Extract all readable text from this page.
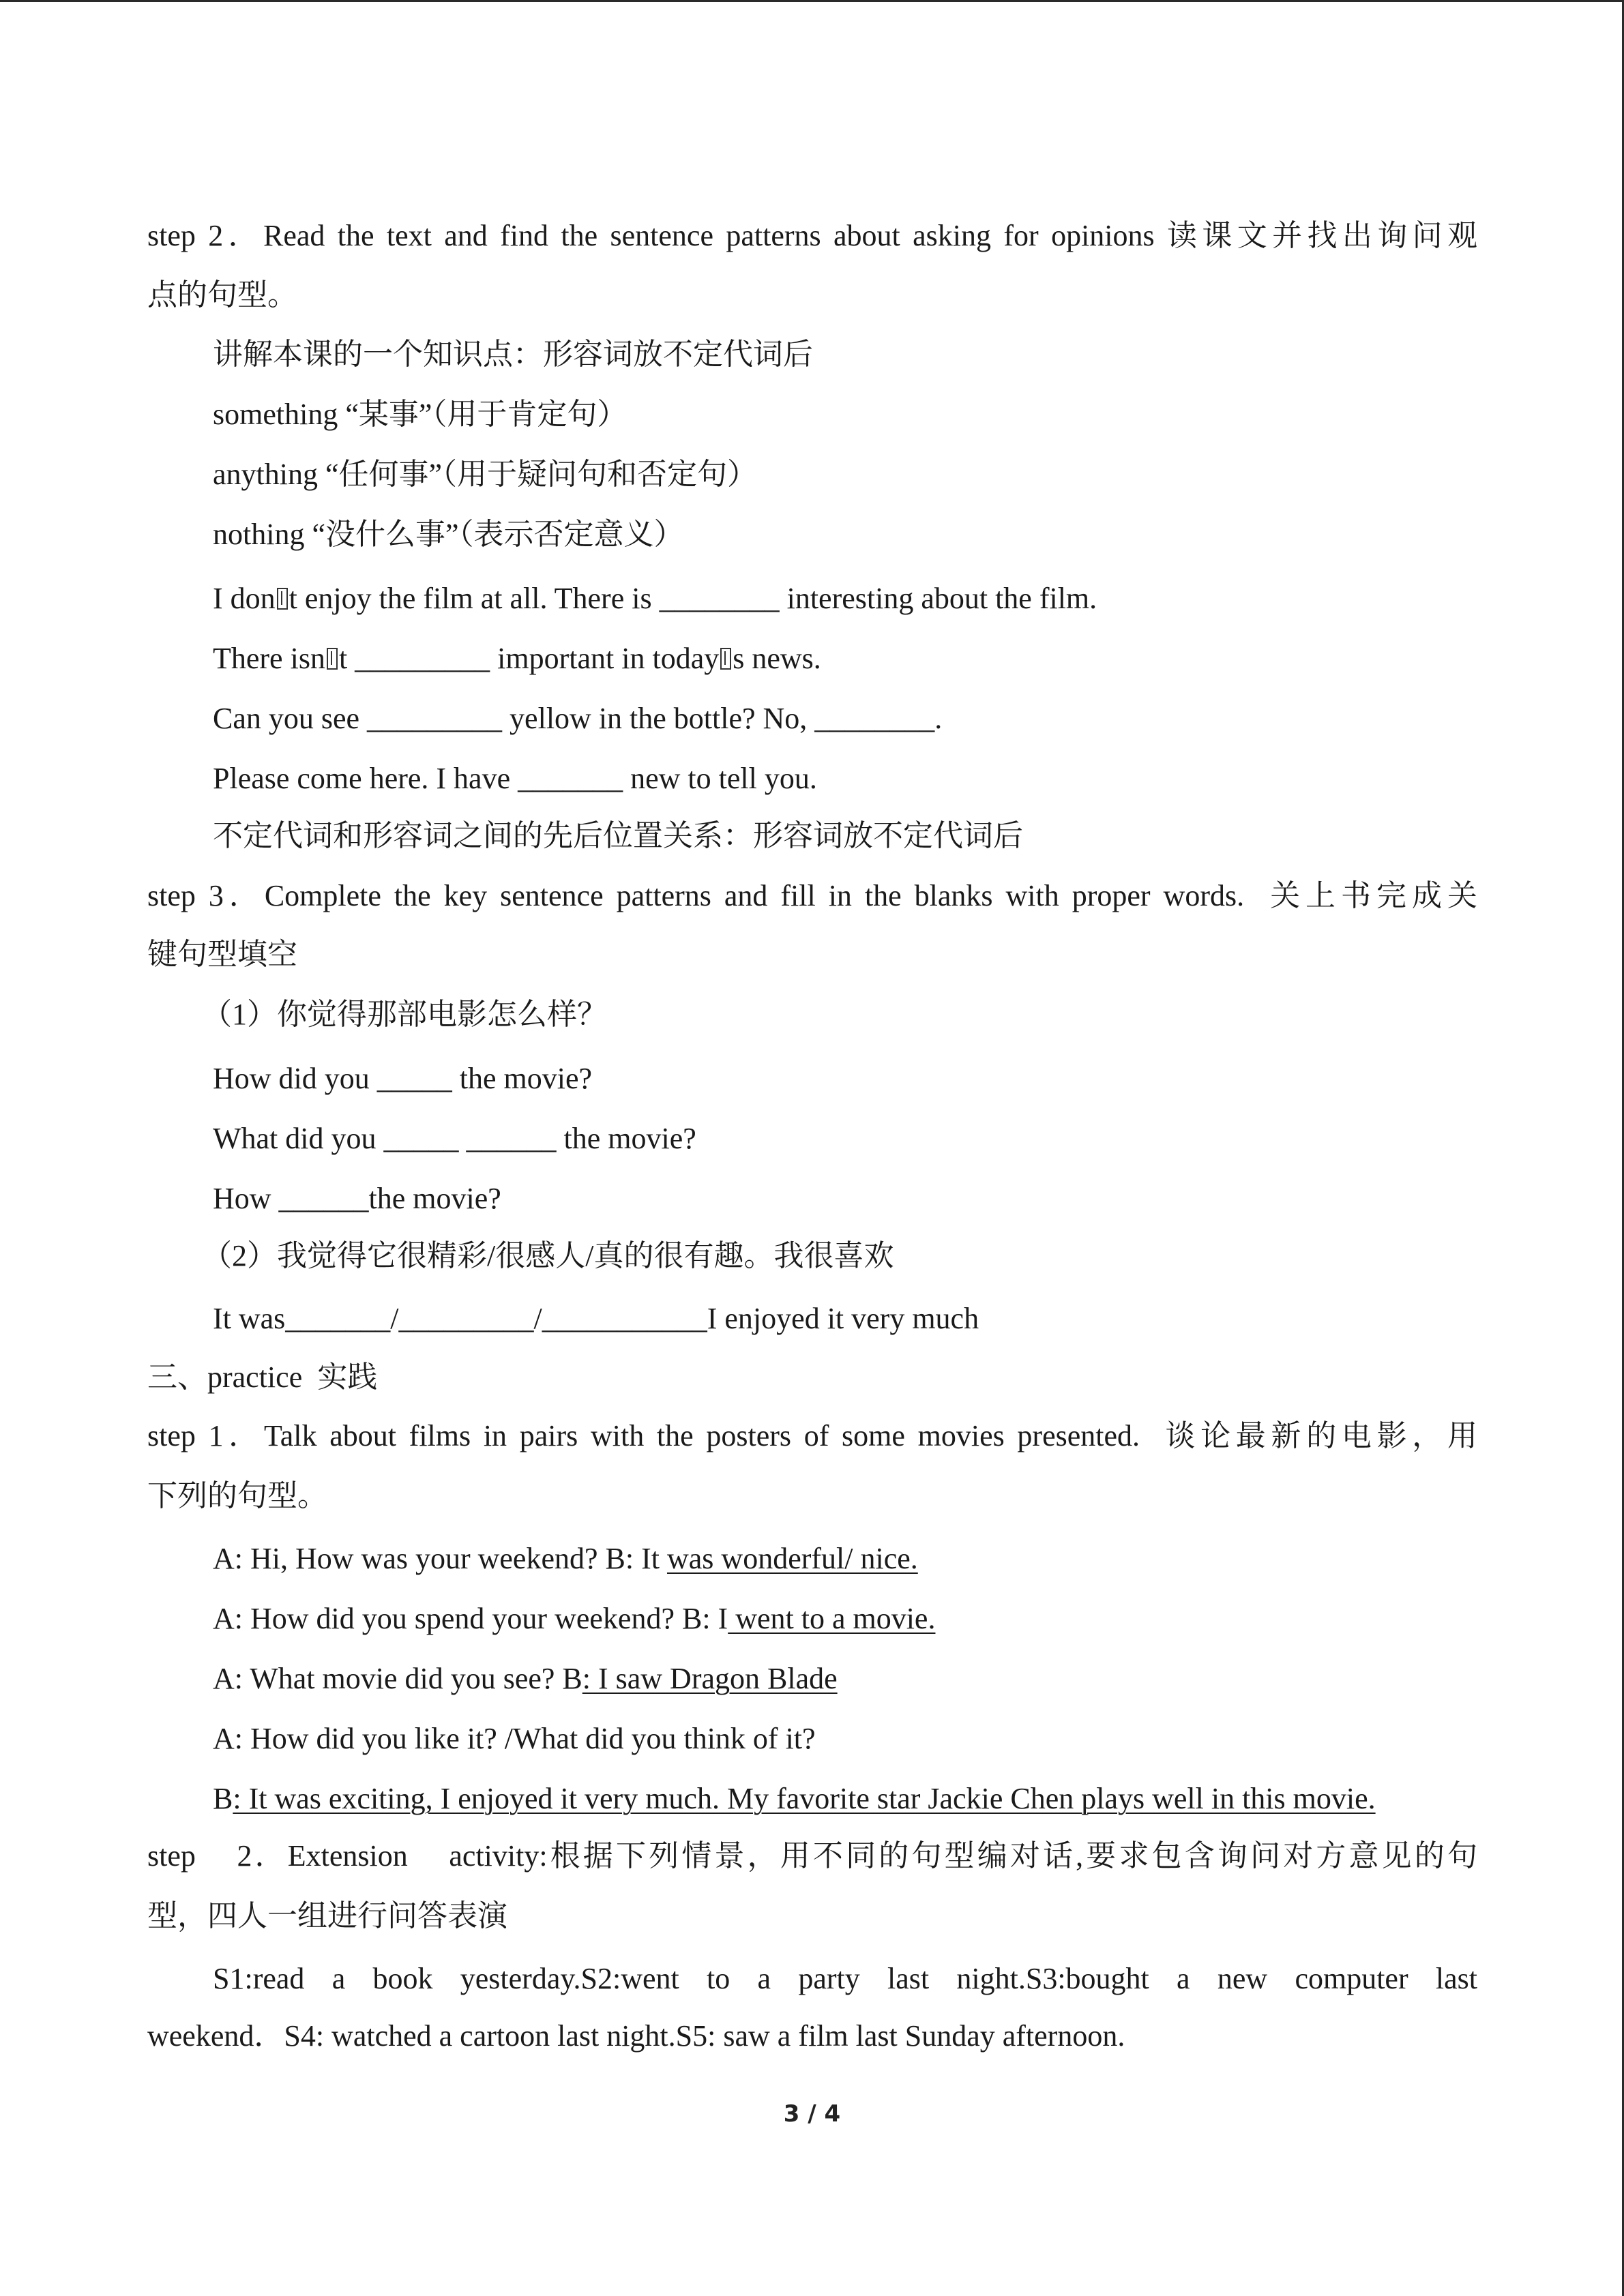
step 2．Read the text and find the sentence patterns about asking for opinions 读课文并找出询问观
点的句型。
讲解本课的一个知识点：形容词放不定代词后
something “某事”（用于肯定句）
anything “任何事”（用于疑问句和否定句）
nothing “没什么事”（表示否定意义）
I don t enjoy the film at all. There is ________ interesting about the film.
There isn t _________ important in today s news.
Can you see _________ yellow in the bottle? No, ________.
Please come here. I have _______ new to tell you.
不定代词和形容词之间的先后位置关系：形容词放不定代词后
step 3．Complete the key sentence patterns and fill in the blanks with proper words.  关上书完成关
键句型填空
（1）你觉得那部电影怎么样？
How did you _____ the movie?
What did you _____ ______ the movie?
How ______the movie?
（2）我觉得它很精彩/很感人/真的很有趣。我很喜欢
It was_______/_________/___________I enjoyed it very much
三、practice  实践
step 1．Talk about films in pairs with the posters of some movies presented.  谈论最新的电影，用
下列的句型。
A: Hi, How was your weekend? B: It was wonderful/ nice.
A: How did you spend your weekend? B: I went to a movie.
A: What movie did you see? B: I saw Dragon Blade
A: How did you like it? /What did you think of it?
B: It was exciting, I enjoyed it very much. My favorite star Jackie Chen plays well in this movie.
step    2．Extension    activity:根据下列情景，用不同的句型编对话,要求包含询问对方意见的句
型，四人一组进行问答表演
S1:read  a  book  yesterday.S2:went  to  a  party  last  night.S3:bought  a  new  computer  last
weekend．S4: watched a cartoon last night.S5: saw a film last Sunday afternoon.
3 / 4
